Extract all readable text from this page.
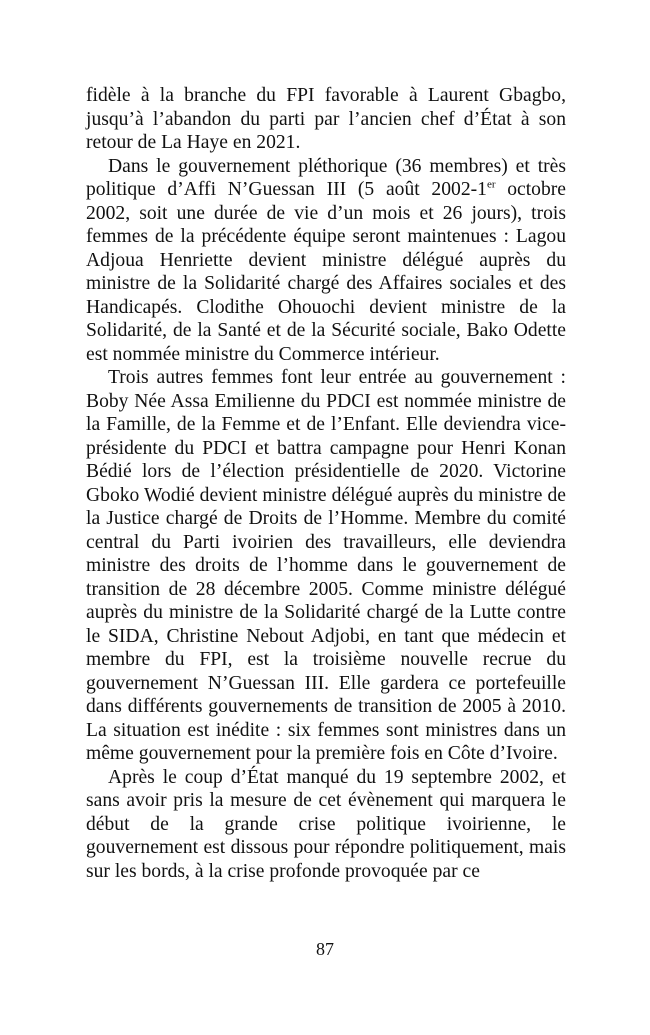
fidèle à la branche du FPI favorable à Laurent Gbagbo, jusqu’à l’abandon du parti par l’ancien chef d’État à son retour de La Haye en 2021.

Dans le gouvernement pléthorique (36 membres) et très politique d’Affi N’Guessan III (5 août 2002-1er octobre 2002, soit une durée de vie d’un mois et 26 jours), trois femmes de la précédente équipe seront maintenues : Lagou Adjoua Henriette devient ministre délégué auprès du ministre de la Solidarité chargé des Affaires sociales et des Handicapés. Clodithe Ohouochi devient ministre de la Solidarité, de la Santé et de la Sécurité sociale, Bako Odette est nommée ministre du Commerce intérieur.

Trois autres femmes font leur entrée au gouvernement : Boby Née Assa Emilienne du PDCI est nommée ministre de la Famille, de la Femme et de l’Enfant. Elle deviendra vice-présidente du PDCI et battra campagne pour Henri Konan Bédié lors de l’élection présidentielle de 2020. Victorine Gboko Wodié devient ministre délégué auprès du ministre de la Justice chargé de Droits de l’Homme. Membre du comité central du Parti ivoirien des travailleurs, elle deviendra ministre des droits de l’homme dans le gouvernement de transition de 28 décembre 2005. Comme ministre délégué auprès du ministre de la Solidarité chargé de la Lutte contre le SIDA, Christine Nebout Adjobi, en tant que médecin et membre du FPI, est la troisième nouvelle recrue du gouvernement N’Guessan III. Elle gardera ce portefeuille dans différents gouvernements de transition de 2005 à 2010. La situation est inédite : six femmes sont ministres dans un même gouvernement pour la première fois en Côte d’Ivoire.

Après le coup d’État manqué du 19 septembre 2002, et sans avoir pris la mesure de cet évènement qui marquera le début de la grande crise politique ivoirienne, le gouvernement est dissous pour répondre politiquement, mais sur les bords, à la crise profonde provoquée par ce

87
